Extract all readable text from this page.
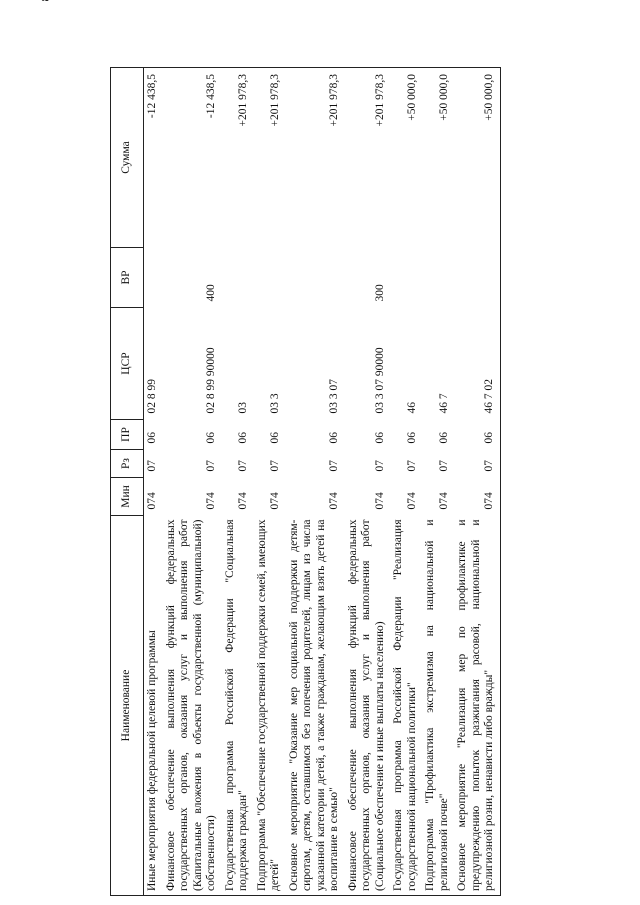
Наименование	Мин	Рз	ПР	ЦСР	ВР	Сумма
Иные мероприятия федеральной целевой программы	074	07	06	02 8 99		-12 438,5
Финансовое обеспечение выполнения функций федеральных государственных органов, оказания услуг и выполнения работ (Капитальные вложения в объекты государственной (муниципальной) собственности)	074	07	06	02 8 99 90000	400	-12 438,5
Государственная программа Российской Федерации "Социальная поддержка граждан"	074	07	06	03		+201 978,3
Подпрограмма "Обеспечение государственной поддержки семей, имеющих детей"	074	07	06	03 3		+201 978,3
Основное мероприятие "Оказание мер социальной поддержки детям-сиротам, детям, оставшимся без попечения родителей, лицам из числа указанной категории детей, а также гражданам, желающим взять детей на воспитание в семью"	074	07	06	03 3 07		+201 978,3
Финансовое обеспечение выполнения функций федеральных государственных органов, оказания услуг и выполнения работ (Социальное обеспечение и иные выплаты населению)	074	07	06	03 3 07 90000	300	+201 978,3
Государственная программа Российской Федерации "Реализация государственной национальной политики"	074	07	06	46		+50 000,0
Подпрограмма "Профилактика экстремизма на национальной и религиозной почве"	074	07	06	46 7		+50 000,0
Основное мероприятие "Реализация мер по профилактике и предупреждению попыток разжигания расовой, национальной и религиозной розни, ненависти либо вражды"	074	07	06	46 7 02		+50 000,0
